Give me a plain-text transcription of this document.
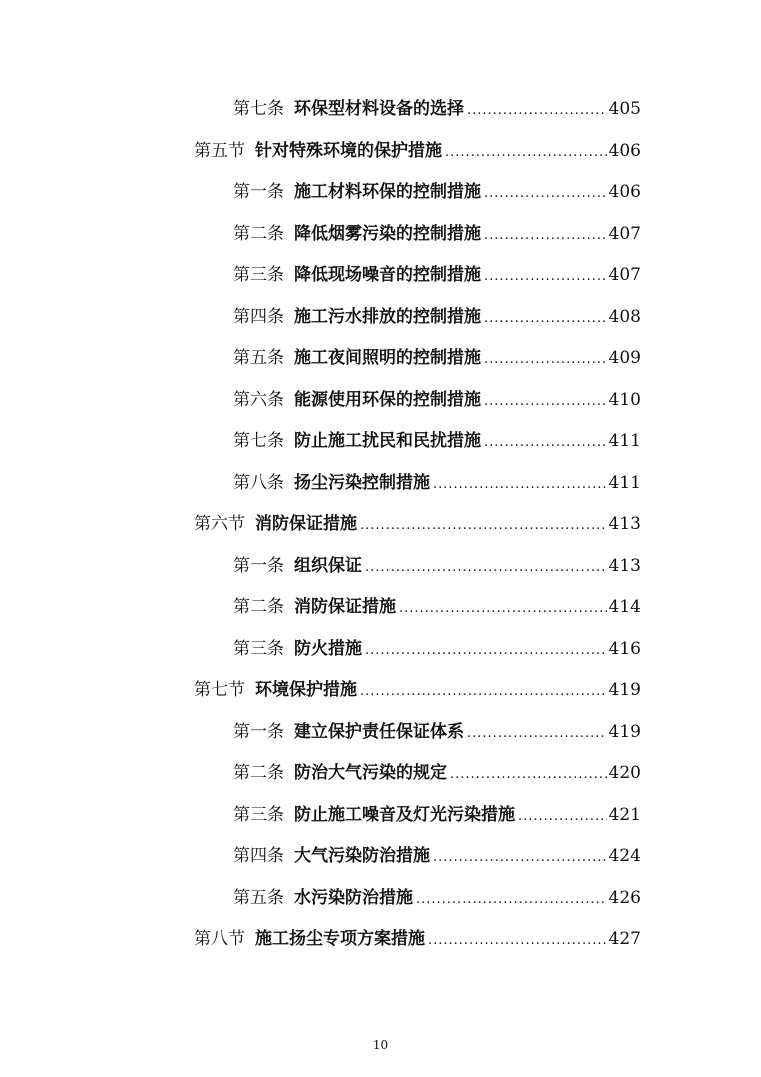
第七条 环保型材料设备的选择 .....	405
第五节 针对特殊环境的保护措施 .....	406
第一条 施工材料环保的控制措施 .....	406
第二条 降低烟雾污染的控制措施 .....	407
第三条 降低现场噪音的控制措施 .....	407
第四条 施工污水排放的控制措施 .....	408
第五条 施工夜间照明的控制措施 .....	409
第六条 能源使用环保的控制措施 .....	410
第七条 防止施工扰民和民扰措施 .....	411
第八条 扬尘污染控制措施 .....	411
第六节 消防保证措施 .....	413
第一条 组织保证 .....	413
第二条 消防保证措施 .....	414
第三条 防火措施 .....	416
第七节 环境保护措施 .....	419
第一条 建立保护责任保证体系 .....	419
第二条 防治大气污染的规定 .....	420
第三条 防止施工噪音及灯光污染措施 .....	421
第四条 大气污染防治措施 .....	424
第五条 水污染防治措施 .....	426
第八节 施工扬尘专项方案措施 .....	427
10
